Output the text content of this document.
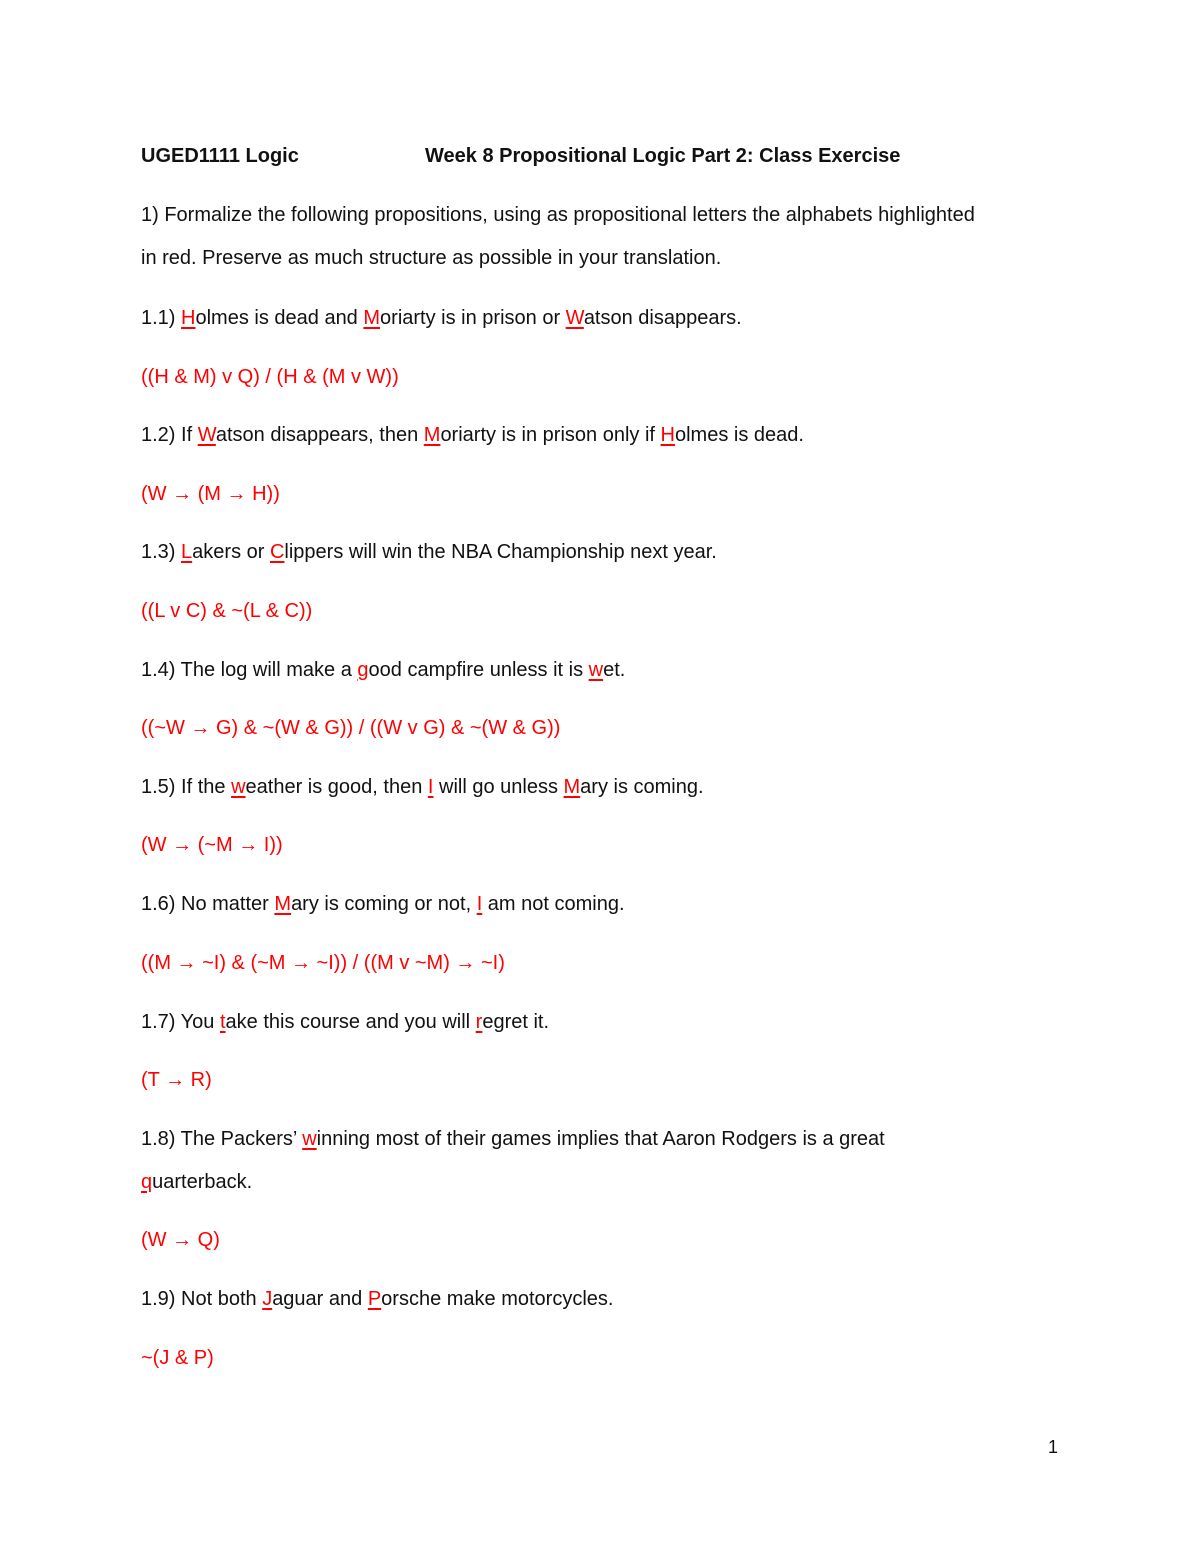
UGED1111 Logic	Week 8 Propositional Logic Part 2: Class Exercise
1) Formalize the following propositions, using as propositional letters the alphabets highlighted
in red. Preserve as much structure as possible in your translation.
1.1) Holmes is dead and Moriarty is in prison or Watson disappears.
((H & M) v Q) / (H & (M v W))
1.2) If Watson disappears, then Moriarty is in prison only if Holmes is dead.
(W → (M → H))
1.3) Lakers or Clippers will win the NBA Championship next year.
((L v C) & ~(L & C))
1.4) The log will make a good campfire unless it is wet.
((~W → G) & ~(W & G)) / ((W v G) & ~(W & G))
1.5) If the weather is good, then I will go unless Mary is coming.
(W → (~M → I))
1.6) No matter Mary is coming or not, I am not coming.
((M → ~I) & (~M → ~I)) / ((M v ~M) → ~I)
1.7) You take this course and you will regret it.
(T → R)
1.8) The Packers’ winning most of their games implies that Aaron Rodgers is a great
quarterback.
(W → Q)
1.9) Not both Jaguar and Porsche make motorcycles.
~(J & P)
1
